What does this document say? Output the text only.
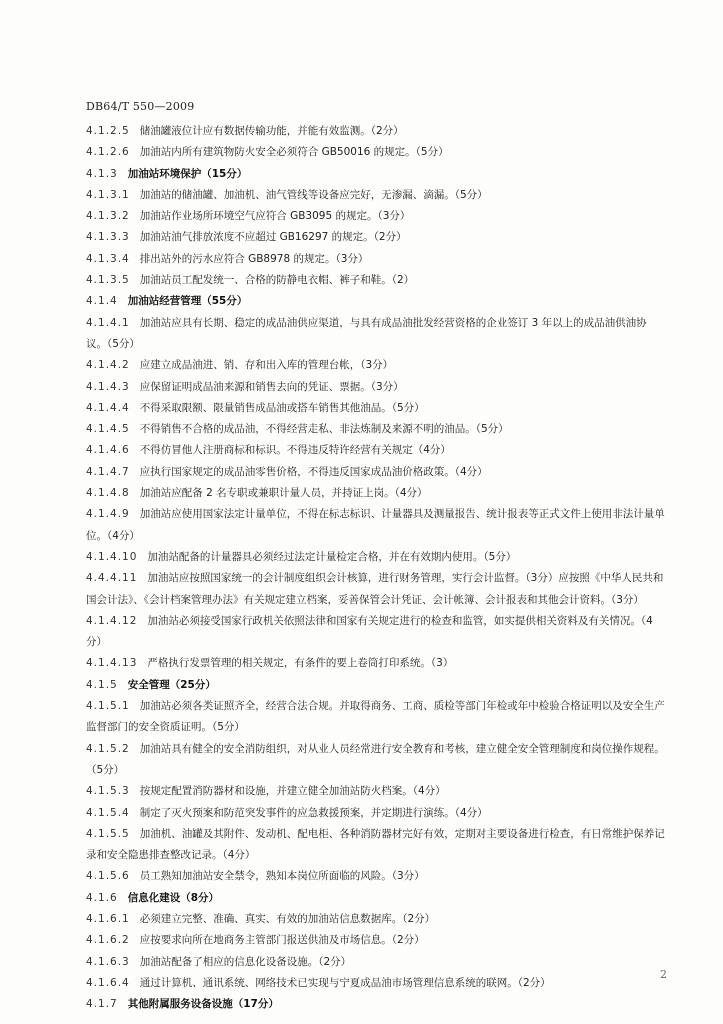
DB64/T 550—2009

4.1.2.5 储油罐液位计应有数据传输功能，并能有效监测。（2分）

4.1.2.6 加油站内所有建筑物防火安全必须符合 GB50016 的规定。（5分）

4.1.3 加油站环境保护（15分）

4.1.3.1 加油站的储油罐、加油机、油气管线等设备应完好，无渗漏、滴漏。（5分）

4.1.3.2 加油站作业场所环境空气应符合 GB3095 的规定。（3分）

4.1.3.3 加油站油气排放浓度不应超过 GB16297 的规定。（2分）

4.1.3.4 排出站外的污水应符合 GB8978 的规定。（3分）

4.1.3.5 加油站员工配发统一、合格的防静电衣帽、裤子和鞋。（2）

4.1.4 加油站经营管理（55分）

4.1.4.1 加油站应具有长期、稳定的成品油供应渠道，与具有成品油批发经营资格的企业签订 3 年以上的成品油供油协议。（5分）

4.1.4.2 应建立成品油进、销、存和出入库的管理台帐，（3分）

4.1.4.3 应保留证明成品油来源和销售去向的凭证、票据。（3分）

4.1.4.4 不得采取限额、限量销售成品油或搭车销售其他油品。（5分）

4.1.4.5 不得销售不合格的成品油，不得经营走私、非法炼制及来源不明的油品。（5分）

4.1.4.6 不得仿冒他人注册商标和标识。不得违反特许经营有关规定（4分）

4.1.4.7 应执行国家规定的成品油零售价格，不得违反国家成品油价格政策。（4分）

4.1.4.8 加油站应配备 2 名专职或兼职计量人员，并持证上岗。（4分）

4.1.4.9 加油站应使用国家法定计量单位，不得在标志标识、计量器具及测量报告、统计报表等正式文件上使用非法计量单位。（4分）

4.1.4.10 加油站配备的计量器具必须经过法定计量检定合格，并在有效期内使用。（5分）

4.4.4.11 加油站应按照国家统一的会计制度组织会计核算，进行财务管理，实行会计监督。（3分）应按照《中华人民共和国会计法》、《会计档案管理办法》有关规定建立档案，妥善保管会计凭证、会计帐簿、会计报表和其他会计资料。（3分）

4.1.4.12 加油站必须接受国家行政机关依照法律和国家有关规定进行的检查和监管，如实提供相关资料及有关情况。（4分）

4.1.4.13 严格执行发票管理的相关规定，有条件的要上卷筒打印系统。（3）

4.1.5 安全管理（25分）

4.1.5.1 加油站必须各类证照齐全，经营合法合规。并取得商务、工商、质检等部门年检或年中检验合格证明以及安全生产监督部门的安全资质证明。（5分）

4.1.5.2 加油站具有健全的安全消防组织，对从业人员经常进行安全教育和考核，建立健全安全管理制度和岗位操作规程。（5分）

4.1.5.3 按规定配置消防器材和设施，并建立健全加油站防火档案。（4分）

4.1.5.4 制定了灭火预案和防范突发事件的应急救援预案，并定期进行演练。（4分）

4.1.5.5 加油机、油罐及其附件、发动机、配电柜、各种消防器材完好有效，定期对主要设备进行检查，有日常维护保养记录和安全隐患排查整改记录。（4分）

4.1.5.6 员工熟知加油站安全禁令，熟知本岗位所面临的风险。（3分）

4.1.6 信息化建设（8分）

4.1.6.1 必须建立完整、准确、真实、有效的加油站信息数据库。（2分）

4.1.6.2 应按要求向所在地商务主管部门报送供油及市场信息。（2分）

4.1.6.3 加油站配备了相应的信息化设备设施。（2分）

4.1.6.4 通过计算机、通讯系统、网络技术已实现与宁夏成品油市场管理信息系统的联网。（2分）

4.1.7 其他附属服务设备设施（17分）

2
